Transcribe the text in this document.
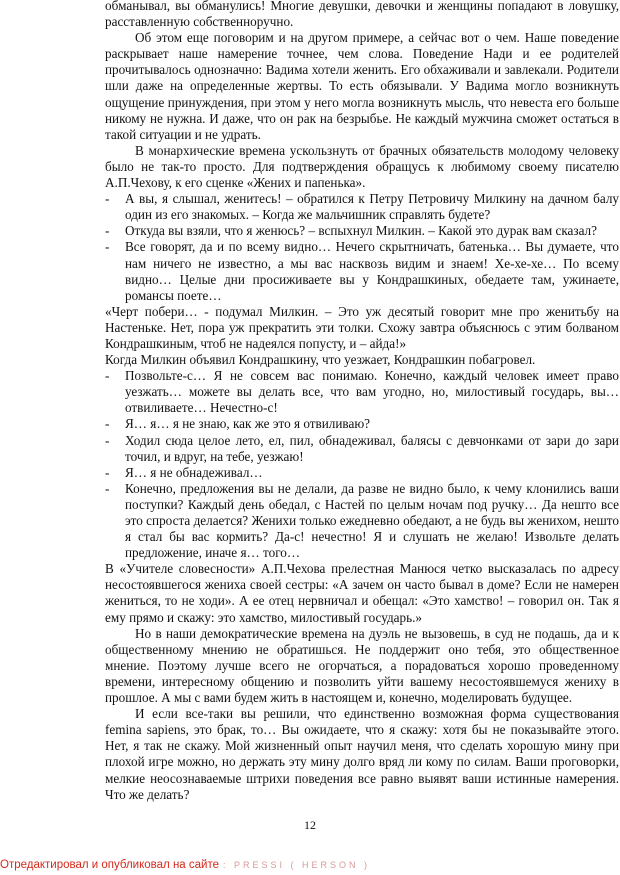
обманывал, вы обманулись! Многие девушки, девочки и женщины попадают в ловушку, расставленную собственноручно.

Об этом еще поговорим и на другом примере, а сейчас вот о чем. Наше поведение раскрывает наше намерение точнее, чем слова. Поведение Нади и ее родителей прочитывалось однозначно: Вадима хотели женить. Его обхаживали и завлекали. Родители шли даже на определенные жертвы. То есть обязывали. У Вадима могло возникнуть ощущение принуждения, при этом у него могла возникнуть мысль, что невеста его больше никому не нужна. И даже, что он рак на безрыбье. Не каждый мужчина сможет остаться в такой ситуации и не удрать.

В монархические времена ускользнуть от брачных обязательств молодому человеку было не так-то просто. Для подтверждения обращусь к любимому своему писателю А.П.Чехову, к его сценке «Жених и папенька».

-	А вы, я слышал, женитесь! – обратился к Петру Петровичу Милкину на дачном балу один из его знакомых. – Когда же мальчишник справлять будете?
-	Откуда вы взяли, что я женюсь? – вспыхнул Милкин. – Какой это дурак вам сказал?
-	Все говорят, да и по всему видно… Нечего скрытничать, батенька… Вы думаете, что нам ничего не известно, а мы вас насквозь видим и знаем! Хе-хе-хе… По всему видно… Целые дни просиживаете вы у Кондрашкиных, обедаете там, ужинаете, романсы поете…

«Черт побери… - подумал Милкин. – Это уж десятый говорит мне про женитьбу на Настеньке. Нет, пора уж прекратить эти толки. Схожу завтра объяснюсь с этим болваном Кондрашкиным, чтоб не надеялся попусту, и – айда!»

Когда Милкин объявил Кондрашкину, что уезжает, Кондрашкин побагровел.

-	Позвольте-с… Я не совсем вас понимаю. Конечно, каждый человек имеет право уезжать… можете вы делать все, что вам угодно, но, милостивый государь, вы… отвиливаете… Нечестно-с!
-	Я… я… я не знаю, как же это я отвиливаю?
-	Ходил сюда целое лето, ел, пил, обнадеживал, балясы с девчонками от зари до зари точил, и вдруг, на тебе, уезжаю!
-	Я… я не обнадеживал…
-	Конечно, предложения вы не делали, да разве не видно было, к чему клонились ваши поступки? Каждый день обедал, с Настей по целым ночам под ручку… Да нешто все это спроста делается? Женихи только ежедневно обедают, а не будь вы женихом, нешто я стал бы вас кормить? Да-с! нечестно! Я и слушать не желаю! Извольте делать предложение, иначе я… того…

В «Учителе словесности» А.П.Чехова прелестная Манюся четко высказалась по адресу несостоявшегося жениха своей сестры: «А зачем он часто бывал в доме? Если не намерен жениться, то не ходи». А ее отец нервничал и обещал: «Это хамство! – говорил он. Так я ему прямо и скажу: это хамство, милостивый государь.»

Но в наши демократические времена на дуэль не вызовешь, в суд не подашь, да и к общественному мнению не обратишься. Не поддержит оно тебя, это общественное мнение. Поэтому лучше всего не огорчаться, а порадоваться хорошо проведенному времени, интересному общению и позволить уйти вашему несостоявшемуся жениху в прошлое. А мы с вами будем жить в настоящем и, конечно, моделировать будущее.

И если все-таки вы решили, что единственно возможная форма существования femina sapiens, это брак, то… Вы ожидаете, что я скажу: хотя бы не показывайте этого. Нет, я так не скажу. Мой жизненный опыт научил меня, что сделать хорошую мину при плохой игре можно, но держать эту мину долго вряд ли кому по силам. Ваши проговорки, мелкие неосознаваемые штрихи поведения все равно выявят ваши истинные намерения. Что же делать?

12
Отредактировал и опубликовал на сайте : PRESSI ( HERSON )
